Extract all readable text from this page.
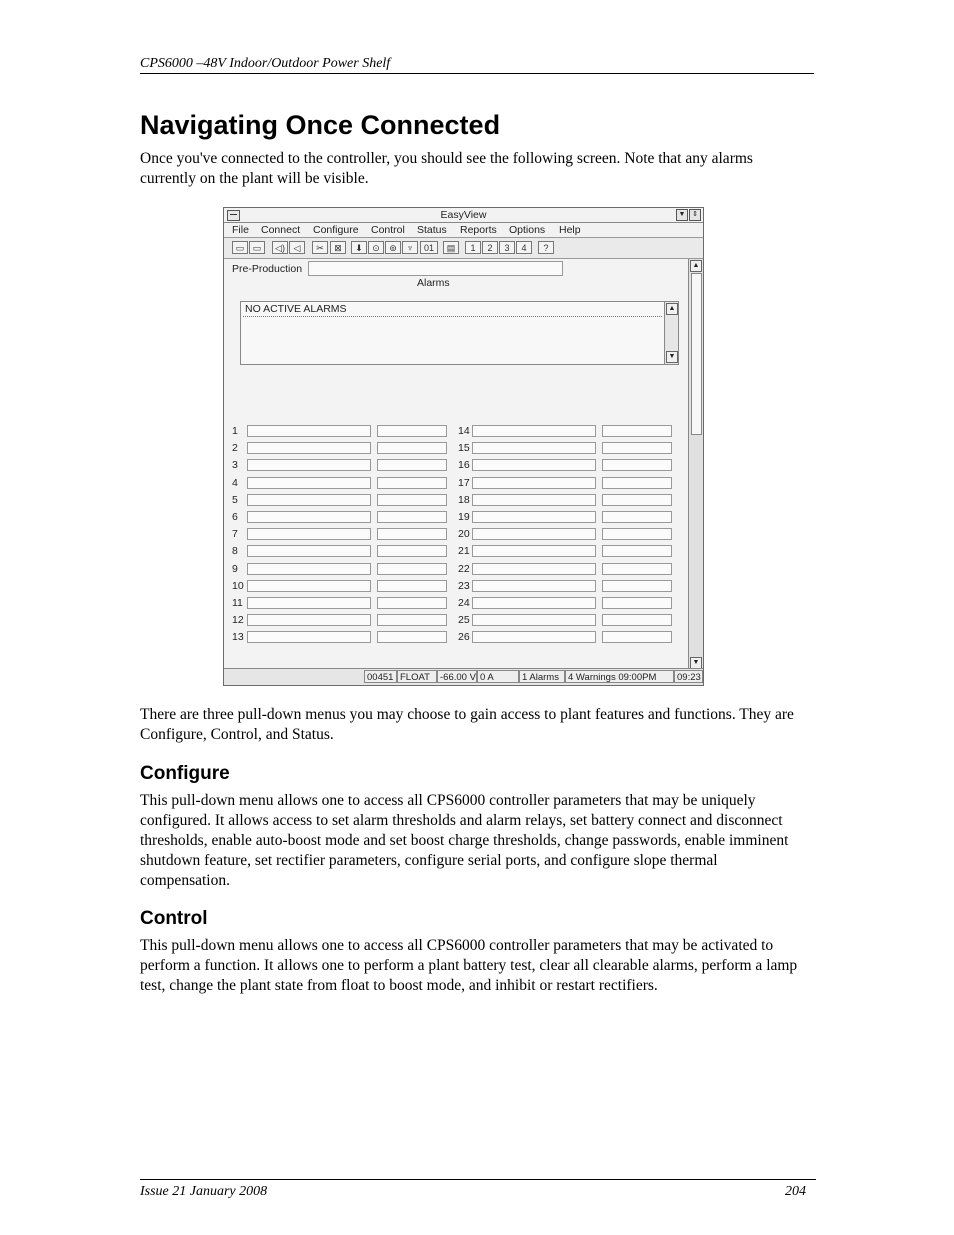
CPS6000 –48V Indoor/Outdoor Power Shelf
Navigating Once Connected

Once you've connected to the controller, you should see the following screen. Note that any alarms currently on the plant will be visible.

EasyView	▼ ⇕
File Connect Configure Control Status Reports Options Help
▭ ▭	◁) ◁	✂	⊠	⬇	⊙	⊚	♆	01	▤	1	2	3	4	?
Pre-Production
Alarms
NO ACTIVE ALARMS	▲
▼
1	14
2	15
3	16
4	17
5	18
6	19
7	20
8	21
9	22
10	23
11	24
12	25
13	26
▲
▼
00451 FLOAT	-66.00 V 0 A	1 Alarms 4 Warnings 09:00PM	09:23

There are three pull-down menus you may choose to gain access to plant features and functions. They are Configure, Control, and Status.

Configure

This pull-down menu allows one to access all CPS6000 controller parameters that may be uniquely configured. It allows access to set alarm thresholds and alarm relays, set battery connect and disconnect thresholds, enable auto-boost mode and set boost charge thresholds, change passwords, enable imminent shutdown feature, set rectifier parameters, configure serial ports, and configure slope thermal compensation.

Control

This pull-down menu allows one to access all CPS6000 controller parameters that may be activated to perform a function. It allows one to perform a plant battery test, clear all clearable alarms, perform a lamp test, change the plant state from float to boost mode, and inhibit or restart rectifiers.

Issue 21 January 2008	204
